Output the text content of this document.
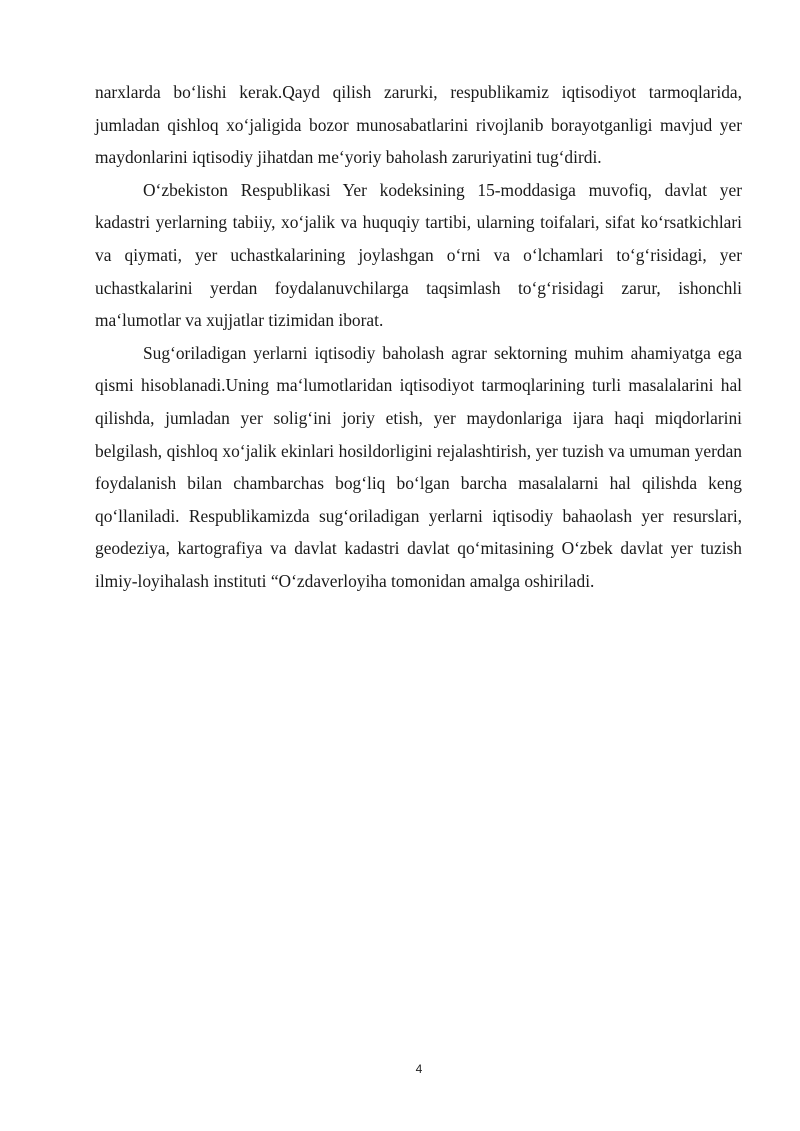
narxlarda bo‘lishi kerak.Qayd qilish zarurki, respublikamiz iqtisodiyot tarmoqlarida, jumladan qishloq xo‘jaligida bozor munosabatlarini rivojlanib borayotganligi mavjud yer maydonlarini iqtisodiy jihatdan me‘yoriy baholash zaruriyatini tug‘dirdi.

O‘zbekiston Respublikasi Yer kodeksining 15-moddasiga muvofiq, davlat yer kadastri yerlarning tabiiy, xo‘jalik va huquqiy tartibi, ularning toifalari, sifat ko‘rsatkichlari va qiymati, yer uchastkalarining joylashgan o‘rni va o‘lchamlari to‘g‘risidagi, yer uchastkalarini yerdan foydalanuvchilarga taqsimlash to‘g‘risidagi zarur, ishonchli ma‘lumotlar va xujjatlar tizimidan iborat.

Sug‘oriladigan yerlarni iqtisodiy baholash agrar sektorning muhim ahamiyatga ega qismi hisoblanadi.Uning ma‘lumotlaridan iqtisodiyot tarmoqlarining turli masalalarini hal qilishda, jumladan yer solig‘ini joriy etish, yer maydonlariga ijara haqi miqdorlarini belgilash, qishloq xo‘jalik ekinlari hosildorligini rejalashtirish, yer tuzish va umuman yerdan foydalanish bilan chambarchas bog‘liq bo‘lgan barcha masalalarni hal qilishda keng qo‘llaniladi. Respublikamizda sug‘oriladigan yerlarni iqtisodiy bahaolash yer resurslari, geodeziya, kartografiya va davlat kadastri davlat qo‘mitasining O‘zbek davlat yer tuzish ilmiy-loyihalash instituti “O‘zdaverloyiha tomonidan amalga oshiriladi.

4
